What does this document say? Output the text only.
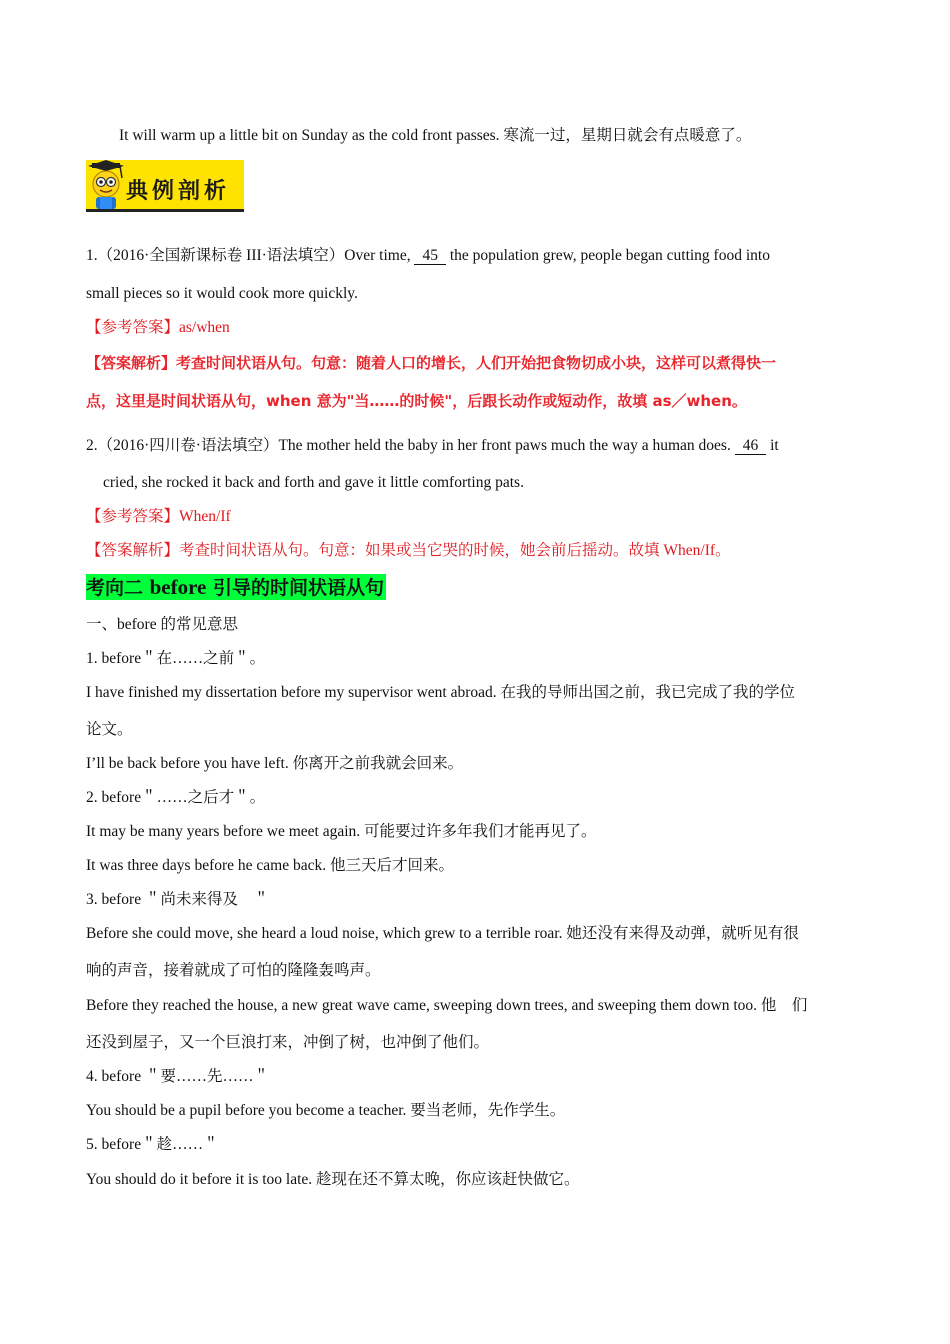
It will warm up a little bit on Sunday as the cold front passes. 寒流一过，星期日就会有点暖意了。
典例剖析
1.（2016·全国新课标卷 III·语法填空）Over time, 45 the population grew, people began cutting food into
small pieces so it would cook more quickly.
【参考答案】as/when
【答案解析】考查时间状语从句。句意：随着人口的增长，人们开始把食物切成小块，这样可以煮得快一
点，这里是时间状语从句，when 意为"当……的时候"，后跟长动作或短动作，故填 as／when。
2.（2016·四川卷·语法填空）The mother held the baby in her front paws much the way a human does. 46 it
cried, she rocked it back and forth and gave it little comforting pats.
【参考答案】When/If
【答案解析】考查时间状语从句。句意：如果或当它哭的时候，她会前后摇动。故填 When/If。
考向二 before 引导的时间状语从句
一、before 的常见意思
1. before＂在……之前＂。
I have finished my dissertation before my supervisor went abroad. 在我的导师出国之前，我已完成了我的学位
论文。
I’ll be back before you have left. 你离开之前我就会回来。
2. before＂……之后才＂。
It may be many years before we meet again. 可能要过许多年我们才能再见了。
It was three days before he came back. 他三天后才回来。
3. before ＂尚未来得及　＂
Before she could move, she heard a loud noise, which grew to a terrible roar. 她还没有来得及动弹，就听见有很
响的声音，接着就成了可怕的隆隆轰鸣声。
Before they reached the house, a new great wave came, sweeping down trees, and sweeping them down too. 他　们
还没到屋子，又一个巨浪打来，冲倒了树，也冲倒了他们。
4. before ＂要……先……＂
You should be a pupil before you become a teacher. 要当老师，先作学生。
5. before＂趁……＂
You should do it before it is too late. 趁现在还不算太晚，你应该赶快做它。
